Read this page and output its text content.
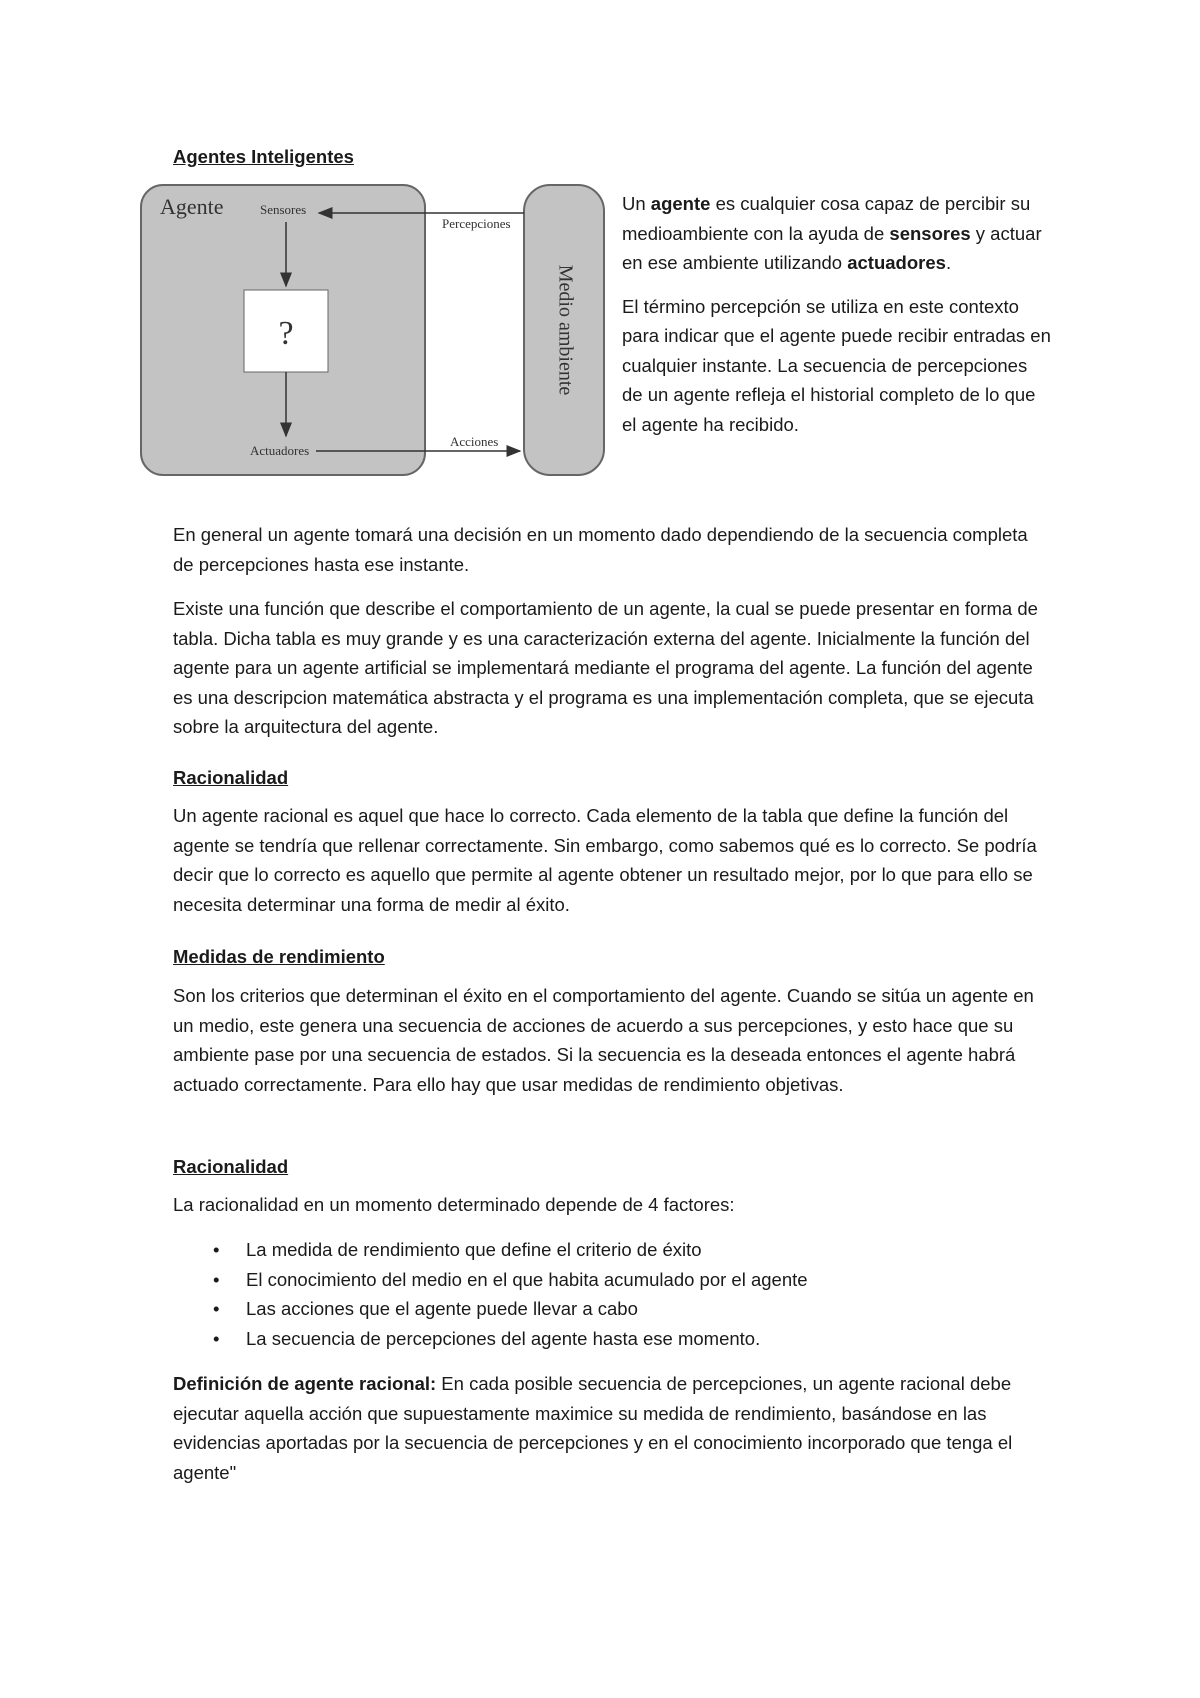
Agentes Inteligentes
Agente	Sensores
Percepciones
?
Actuadores
Acciones
Medio ambiente

Un agente es cualquier cosa capaz de percibir su medioambiente con la ayuda de sensores y actuar en ese ambiente utilizando actuadores.

El término percepción se utiliza en este contexto para indicar que el agente puede recibir entradas en cualquier instante. La secuencia de percepciones de un agente refleja el historial completo de lo que el agente ha recibido.

En general un agente tomará una decisión en un momento dado dependiendo de la secuencia completa de percepciones hasta ese instante.

Existe una función que describe el comportamiento de un agente, la cual se puede presentar en forma de tabla. Dicha tabla es muy grande y es una caracterización externa del agente. Inicialmente la función del agente para un agente artificial se implementará mediante el programa del agente. La función del agente es una descripcion matemática abstracta y el programa es una implementación completa, que se ejecuta sobre la arquitectura del agente.

Racionalidad

Un agente racional es aquel que hace lo correcto. Cada elemento de la tabla que define la función del agente se tendría que rellenar correctamente. Sin embargo, como sabemos qué es lo correcto. Se podría decir que lo correcto es aquello que permite al agente obtener un resultado mejor, por lo que para ello se necesita determinar una forma de medir al éxito.

Medidas de rendimiento

Son los criterios que determinan el éxito en el comportamiento del agente. Cuando se sitúa un agente en un medio, este genera una secuencia de acciones de acuerdo a sus percepciones, y esto hace que su ambiente pase por una secuencia de estados. Si la secuencia es la deseada entonces el agente habrá actuado correctamente. Para ello hay que usar medidas de rendimiento objetivas.

Racionalidad

La racionalidad en un momento determinado depende de 4 factores:

• La medida de rendimiento que define el criterio de éxito
• El conocimiento del medio en el que habita acumulado por el agente
• Las acciones que el agente puede llevar a cabo
• La secuencia de percepciones del agente hasta ese momento.

Definición de agente racional: En cada posible secuencia de percepciones, un agente racional debe ejecutar aquella acción que supuestamente maximice su medida de rendimiento, basándose en las evidencias aportadas por la secuencia de percepciones y en el conocimiento incorporado que tenga el agente"
